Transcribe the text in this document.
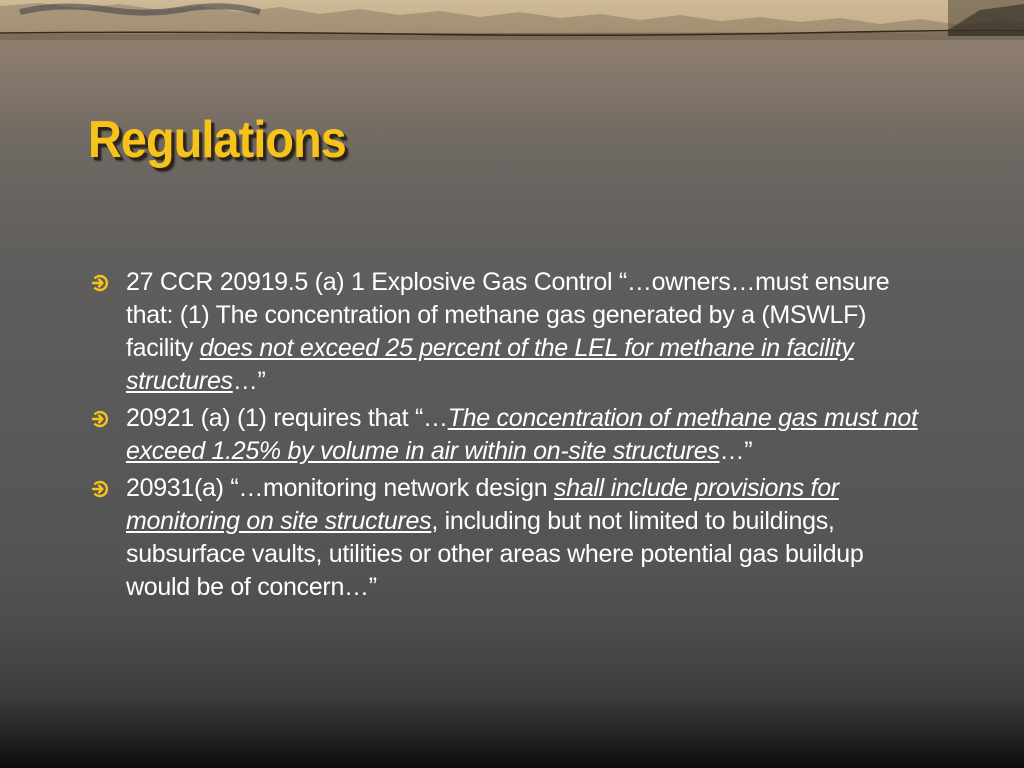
Regulations
27 CCR 20919.5 (a) 1 Explosive Gas Control “…owners…must ensure that: (1) The concentration of methane gas generated by a (MSWLF) facility does not exceed 25 percent of the LEL for methane in facility structures…”
20921 (a) (1) requires that “…The concentration of methane gas must not exceed 1.25% by volume in air within on-site structures…”
20931(a) “…monitoring network design shall include provisions for monitoring on site structures, including but not limited to buildings, subsurface vaults, utilities or other areas where potential gas buildup would be of concern…”
